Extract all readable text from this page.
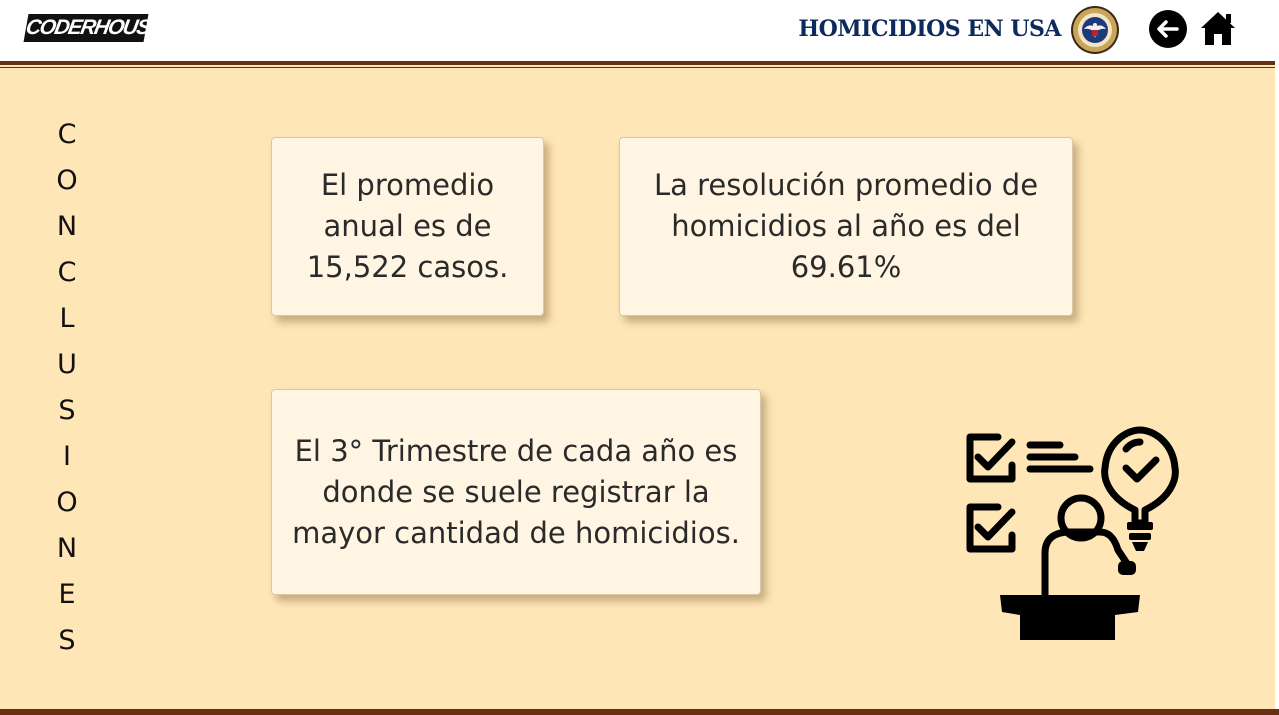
CODERHOUSE	HOMICIDIOS EN USA
C
O
N
C
L
U
S
I
O
N
E
S
El promedio anual es de 15,522 casos.
La resolución promedio de homicidios al año es del 69.61%
El 3° Trimestre de cada año es donde se suele registrar la mayor cantidad de homicidios.
